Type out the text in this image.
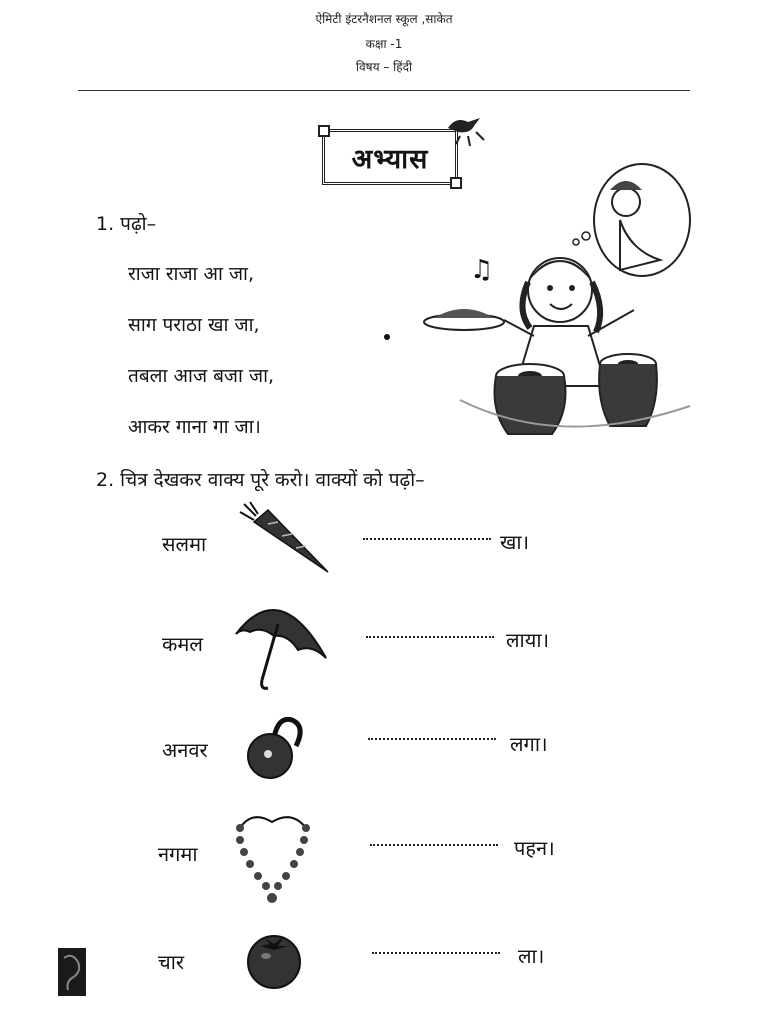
ऐमिटी इंटरनैशनल स्कूल ,साकेत
कक्षा -1
विषय – हिंदी
अभ्यास
1. पढ़ो–
राजा राजा आ जा,
साग पराठा खा जा,
तबला आज बजा जा,
आकर गाना गा जा।
♫
2. चित्र देखकर वाक्य पूरे करो। वाक्यों को पढ़ो–
सलमा	खा।
कमल	लाया।
अनवर	लगा।
नगमा	पहन।
चार	ला।
